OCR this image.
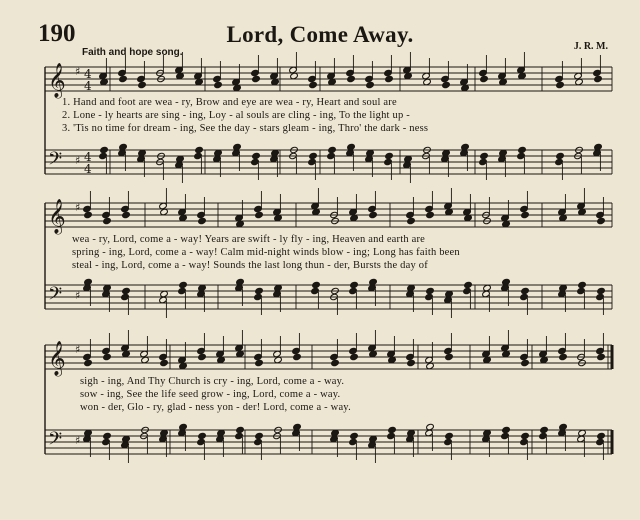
190	Lord, Come Away.
Faith and hope song.
J. R. M.
𝄞
𝄢
♯
♯
4
4
4
4
𝄞
𝄢
♯
♯
𝄞
𝄢
♯
♯
1. Hand and foot are wea - ry, Brow and eye are wea - ry, Heart and soul are
2. Lone - ly hearts are sing - ing, Loy - al souls are cling - ing, To the light up -
3. 'Tis no time for dream - ing, See the day - stars gleam - ing, Thro' the dark - ness
wea - ry, Lord, come a - way! Years are swift - ly fly - ing, Heaven and earth are
spring - ing, Lord, come a - way! Calm mid-night winds blow - ing; Long has faith been
steal - ing, Lord, come a - way! Sounds the last long thun - der, Bursts the day of
sigh - ing, And Thy Church is cry - ing, Lord, come a - way.
sow - ing, See the life seed grow - ing, Lord, come a - way.
won - der, Glo - ry, glad - ness yon - der! Lord, come a - way.
